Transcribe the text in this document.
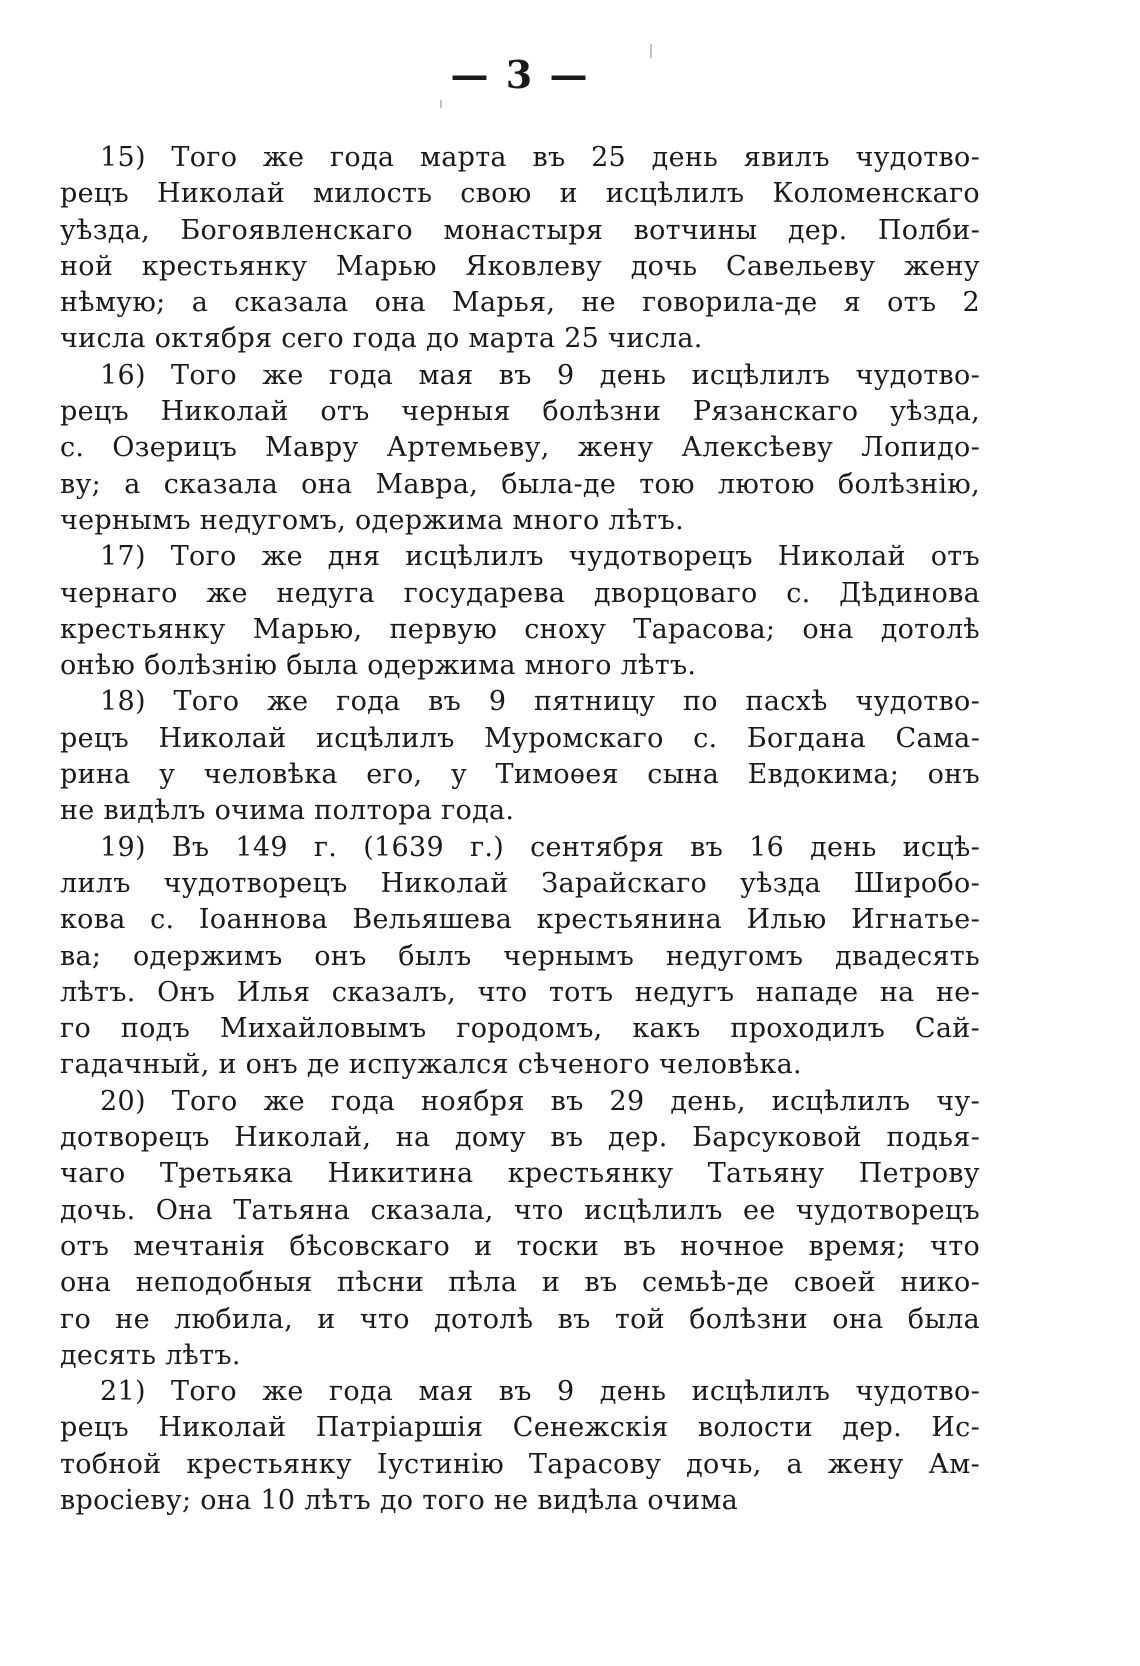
— 3 —
15) Того же года марта въ 25 день явилъ чудотво-
рецъ Николай милость свою и исцѣлилъ Коломенскаго
уѣзда, Богоявленскаго монастыря вотчины дер. Полби-
ной крестьянку Марью Яковлеву дочь Савельеву жену
нѣмую; а сказала она Марья, не говорила-де я отъ 2
числа октября сего года до марта 25 числа.
16) Того же года мая въ 9 день исцѣлилъ чудотво-
рецъ Николай отъ черныя болѣзни Рязанскаго уѣзда,
с. Озерицъ Мавру Артемьеву, жену Алексѣеву Лопидо-
ву; а сказала она Мавра, была-де тою лютою болѣзнію,
чернымъ недугомъ, одержима много лѣтъ.
17) Того же дня исцѣлилъ чудотворецъ Николай отъ
чернаго же недуга государева дворцоваго с. Дѣдинова
крестьянку Марью, первую сноху Тарасова; она дотолѣ
онѣю болѣзнію была одержима много лѣтъ.
18) Того же года въ 9 пятницу по пасхѣ чудотво-
рецъ Николай исцѣлилъ Муромскаго с. Богдана Сама-
рина у человѣка его, у Тимоѳея сына Евдокима; онъ
не видѣлъ очима полтора года.
19) Въ 149 г. (1639 г.) сентября въ 16 день исцѣ-
лилъ чудотворецъ Николай Зарайскаго уѣзда Широбо-
кова с. Іоаннова Вельяшева крестьянина Илью Игнатье-
ва; одержимъ онъ былъ чернымъ недугомъ двадесять
лѣтъ. Онъ Илья сказалъ, что тотъ недугъ нападе на не-
го подъ Михайловымъ городомъ, какъ проходилъ Сай-
гадачный, и онъ де испужался сѣченого человѣка.
20) Того же года ноября въ 29 день, исцѣлилъ чу-
дотворецъ Николай, на дому въ дер. Барсуковой подья-
чаго Третьяка Никитина крестьянку Татьяну Петрову
дочь. Она Татьяна сказала, что исцѣлилъ ее чудотворецъ
отъ мечтанія бѣсовскаго и тоски въ ночное время; что
она неподобныя пѣсни пѣла и въ семьѣ-де своей нико-
го не любила, и что дотолѣ въ той болѣзни она была
десять лѣтъ.
21) Того же года мая въ 9 день исцѣлилъ чудотво-
рецъ Николай Патріаршія Сенежскія волости дер. Ис-
тобной крестьянку Іустинію Тарасову дочь, а жену Ам-
вросіеву; она 10 лѣтъ до того не видѣла очима
